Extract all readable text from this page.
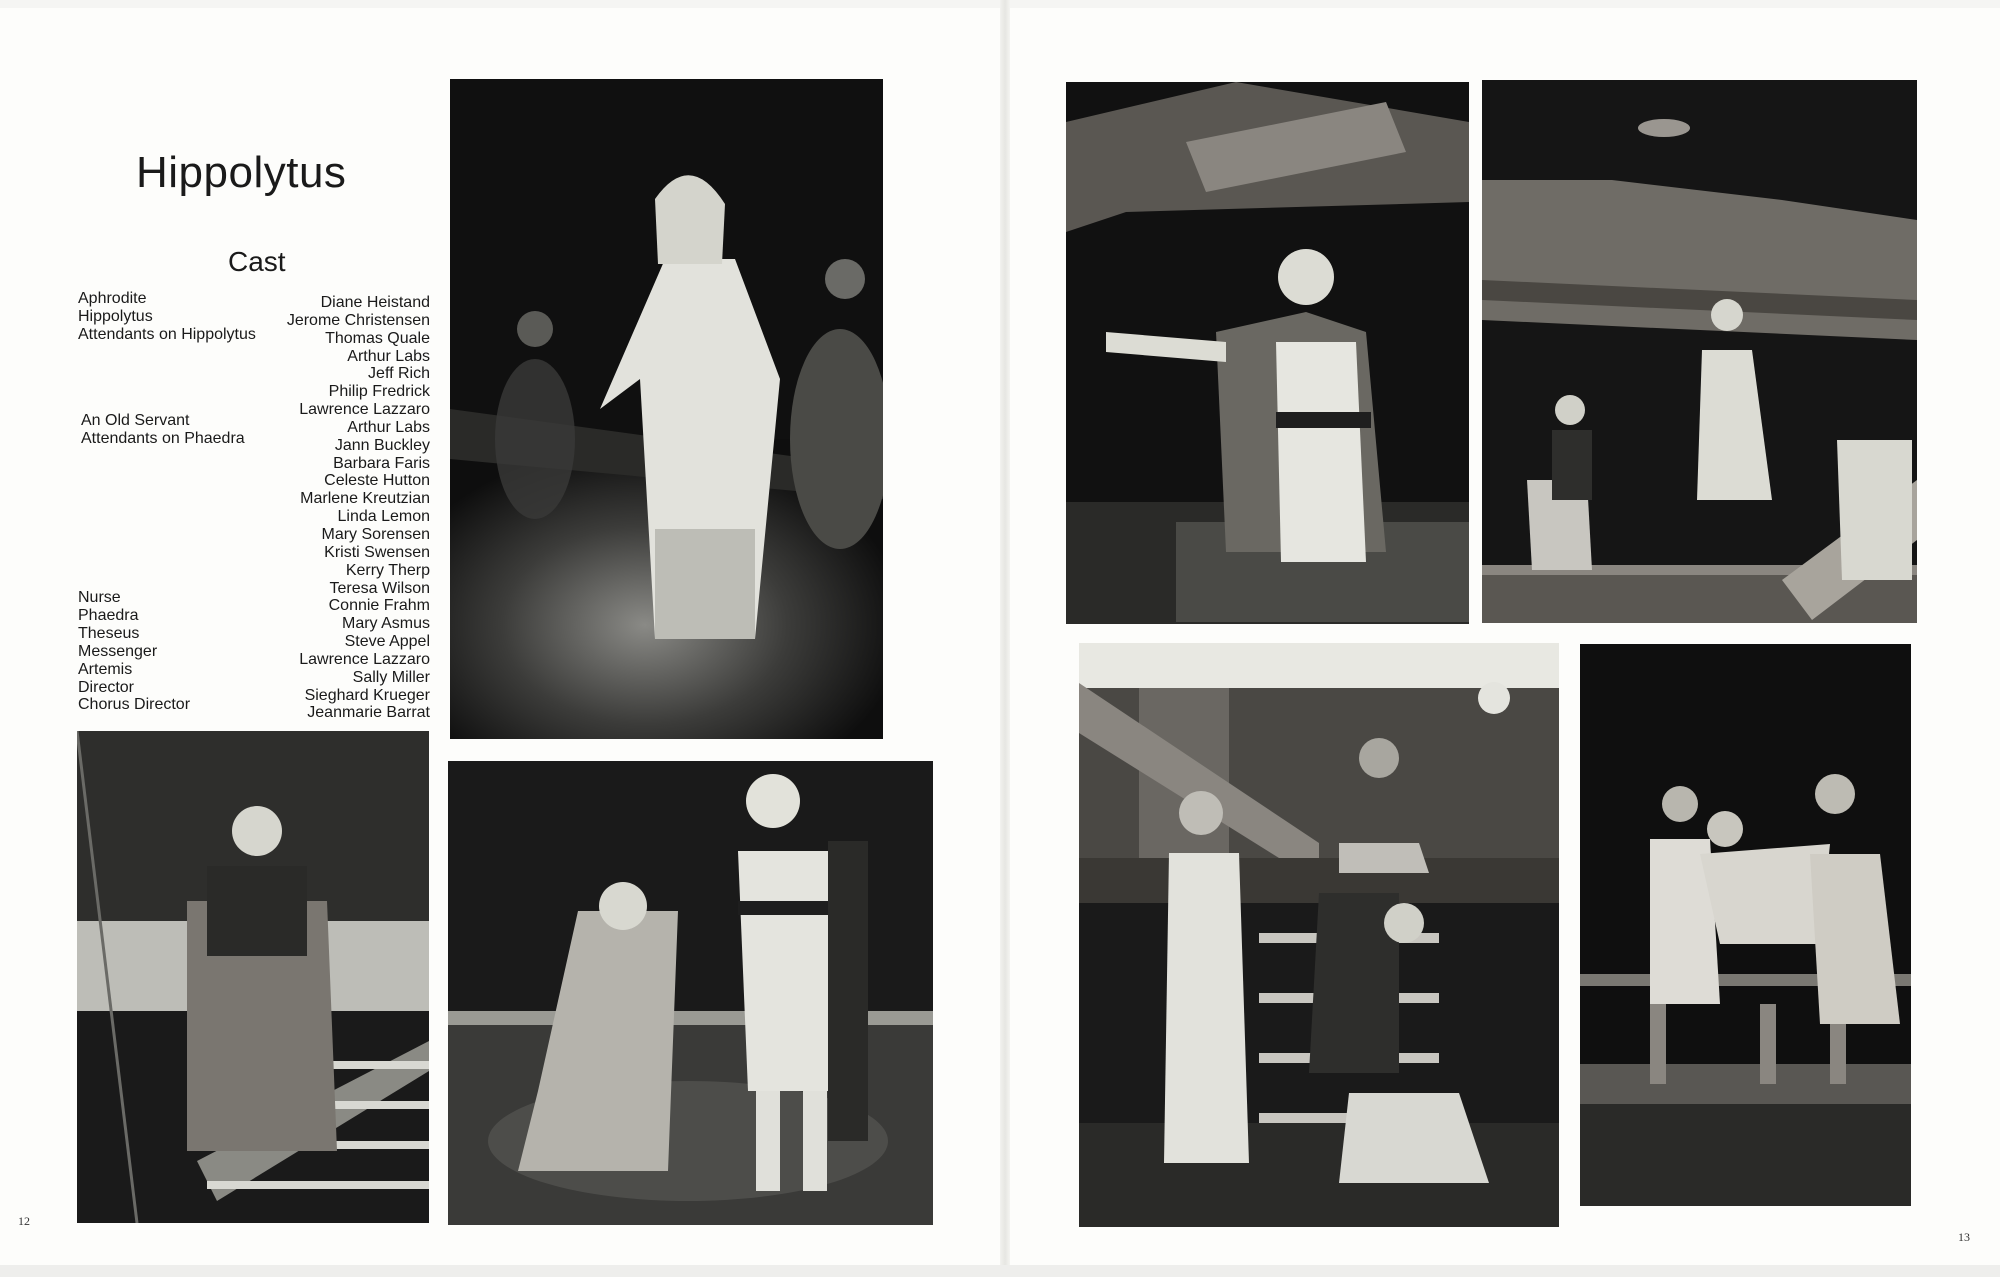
Hippolytus
Cast
Aphrodite
Hippolytus
Attendants on Hippolytus
An Old Servant
Attendants on Phaedra
Nurse
Phaedra
Theseus
Messenger
Artemis
Director
Chorus Director
Diane Heistand
Jerome Christensen
Thomas Quale
Arthur Labs
Jeff Rich
Philip Fredrick
Lawrence Lazzaro
Arthur Labs
Jann Buckley
Barbara Faris
Celeste Hutton
Marlene Kreutzian
Linda Lemon
Mary Sorensen
Kristi Swensen
Kerry Therp
Teresa Wilson
Connie Frahm
Mary Asmus
Steve Appel
Lawrence Lazzaro
Sally Miller
Sieghard Krueger
Jeanmarie Barrat
12
13
